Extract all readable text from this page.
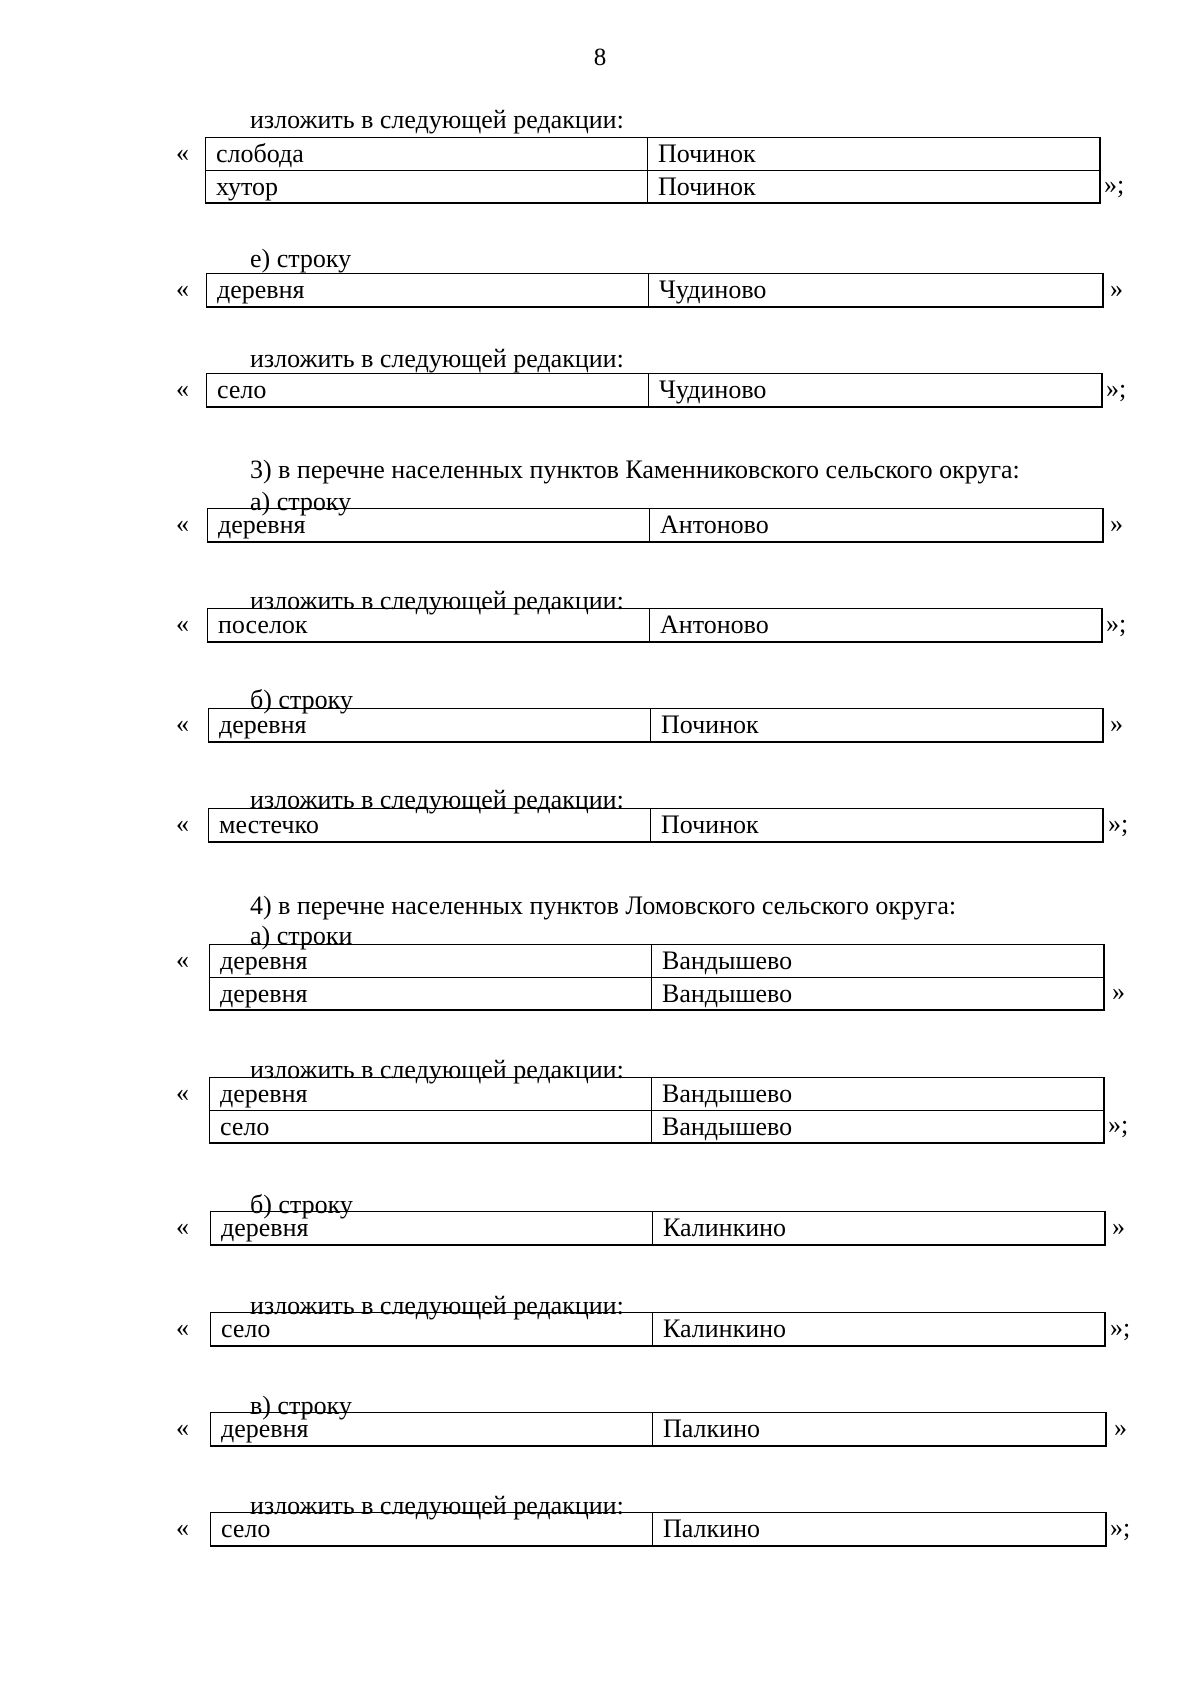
8
3) в перечне населенных пунктов Каменниковского сельского округа:
4) в перечне населенных пунктов Ломовского сельского округа:
изложить в следующей редакции:
«	слобода	Починок
хутор	Починок	»;
е) строку
«	деревня	Чудиново	»
изложить в следующей редакции:
«	село	Чудиново	»;
а) строку
«	деревня	Антоново	»
изложить в следующей редакции:
«	поселок	Антоново	»;
б) строку
«	деревня	Починок	»
изложить в следующей редакции:
«	местечко	Починок	»;
а) строки
«	деревня	Вандышево
деревня	Вандышево	»
изложить в следующей редакции:
«	деревня	Вандышево
село	Вандышево	»;
б) строку
«	деревня	Калинкино	»
изложить в следующей редакции:
«	село	Калинкино	»;
в) строку
«	деревня	Палкино	»
изложить в следующей редакции:
«	село	Палкино	»;
